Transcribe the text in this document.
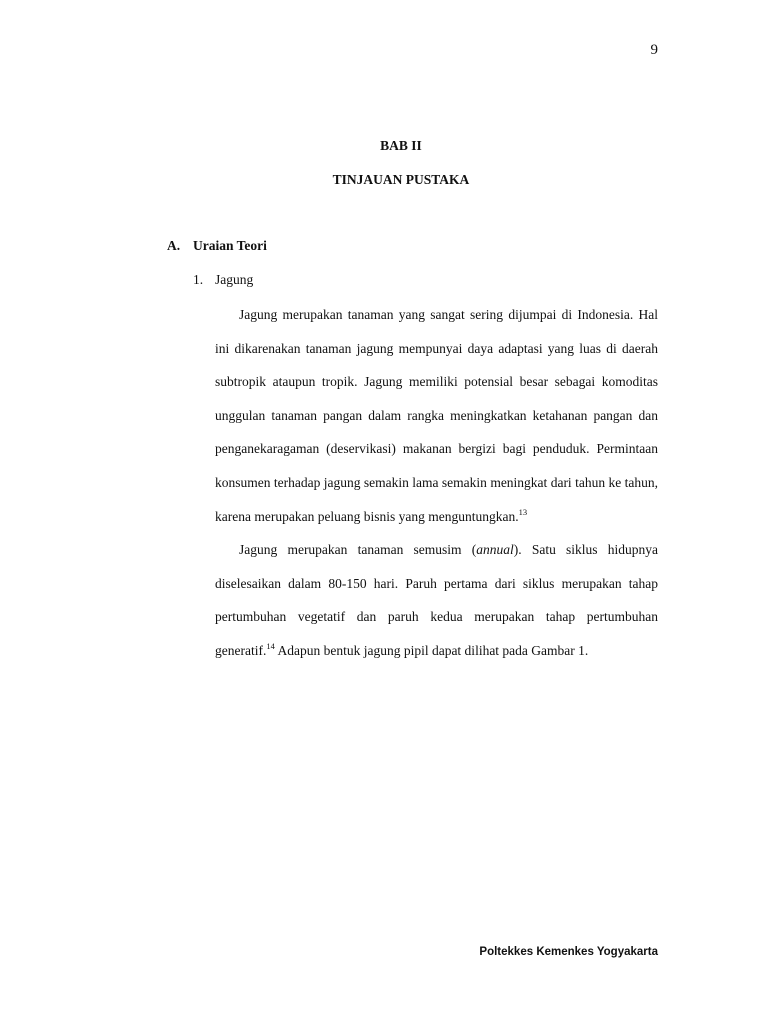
9
BAB II
TINJAUAN PUSTAKA
A. Uraian Teori
1. Jagung

Jagung merupakan tanaman yang sangat sering dijumpai di Indonesia. Hal ini dikarenakan tanaman jagung mempunyai daya adaptasi yang luas di daerah subtropik ataupun tropik. Jagung memiliki potensial besar sebagai komoditas unggulan tanaman pangan dalam rangka meningkatkan ketahanan pangan dan penganekaragaman (deservikasi) makanan bergizi bagi penduduk. Permintaan konsumen terhadap jagung semakin lama semakin meningkat dari tahun ke tahun, karena merupakan peluang bisnis yang menguntungkan.$^{13}$

Jagung merupakan tanaman semusim (annual). Satu siklus hidupnya diselesaikan dalam 80-150 hari. Paruh pertama dari siklus merupakan tahap pertumbuhan vegetatif dan paruh kedua merupakan tahap pertumbuhan generatif.$^{14}$ Adapun bentuk jagung pipil dapat dilihat pada Gambar 1.

Poltekkes Kemenkes Yogyakarta
